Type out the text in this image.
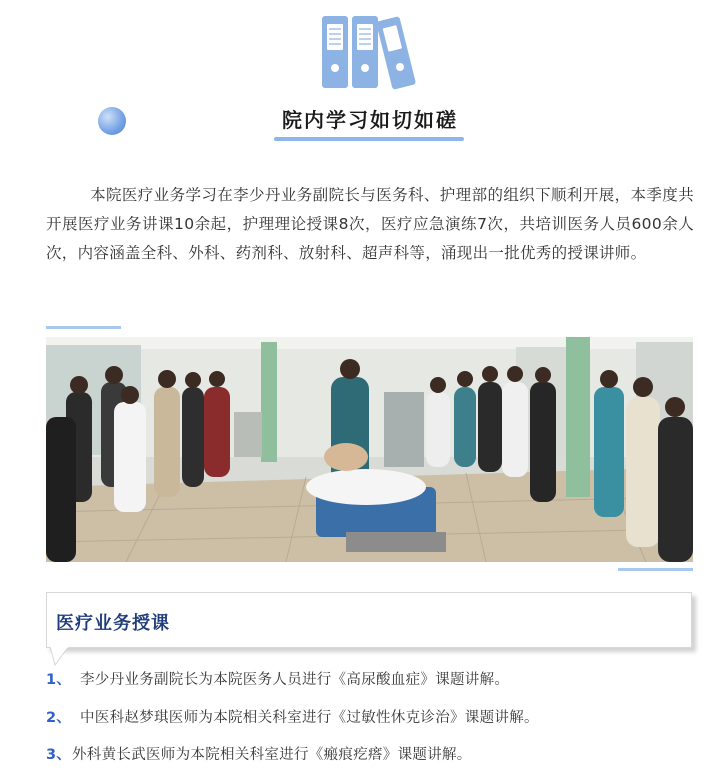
院内学习如切如磋
本院医疗业务学习在李少丹业务副院长与医务科、护理部的组织下顺利开展，本季度共开展医疗业务讲课10余起，护理理论授课8次，医疗应急演练7次，共培训医务人员600余人次，内容涵盖全科、外科、药剂科、放射科、超声科等，涌现出一批优秀的授课讲师。
医疗业务授课
1、 李少丹业务副院长为本院医务人员进行《高尿酸血症》课题讲解。
2、 中医科赵梦琪医师为本院相关科室进行《过敏性休克诊治》课题讲解。
3、外科黄长武医师为本院相关科室进行《瘢痕疙瘩》课题讲解。
